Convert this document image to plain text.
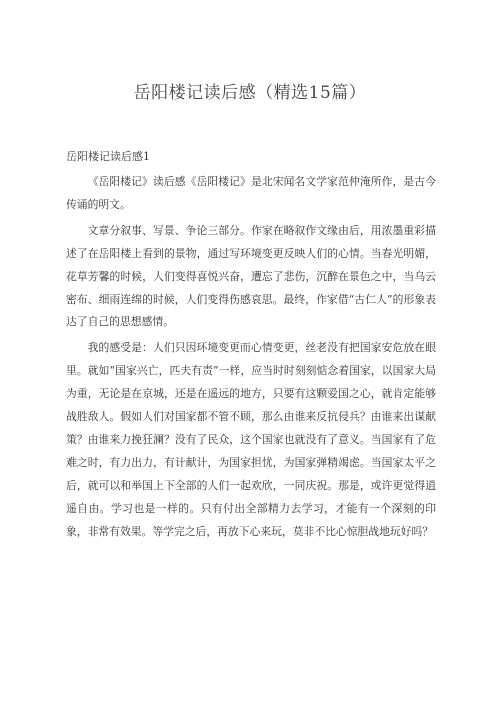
岳阳楼记读后感（精选15篇）
岳阳楼记读后感1

《岳阳楼记》读后感《岳阳楼记》是北宋闻名文学家范仲淹所作，是古今传诵的明文。

文章分叙事、写景、争论三部分。作家在略叙作文缘由后，用浓墨重彩描述了在岳阳楼上看到的景物，通过写环境变更反映人们的心情。当春光明媚，花草芳馨的时候，人们变得喜悦兴奋，遭忘了悲伤，沉醉在景色之中，当乌云密布、细雨连绵的时候，人们变得伤感哀思。最终，作家借“古仁人”的形象表达了自己的思想感情。

我的感受是：人们只因环境变更而心情变更，丝老没有把国家安危放在眼里。就如“国家兴亡，匹夫有责”一样，应当时时刻刻惦念着国家，以国家大局为重，无论是在京城，还是在遥远的地方，只要有这颗爱国之心，就肯定能够战胜敌人。假如人们对国家都不管不顾，那么由谁来反抗侵兵？由谁来出谋献策？由谁来力挽狂澜？没有了民众，这个国家也就没有了意义。当国家有了危难之时，有力出力，有计献计，为国家担忧，为国家弹精竭虑。当国家太平之后，就可以和举国上下全部的人们一起欢欣，一同庆祝。那是，或许更觉得逍遥自由。学习也是一样的。只有付出全部精力去学习，才能有一个深刻的印象，非常有效果。等学完之后，再放下心来玩，莫非不比心惊胆战地玩好吗？
